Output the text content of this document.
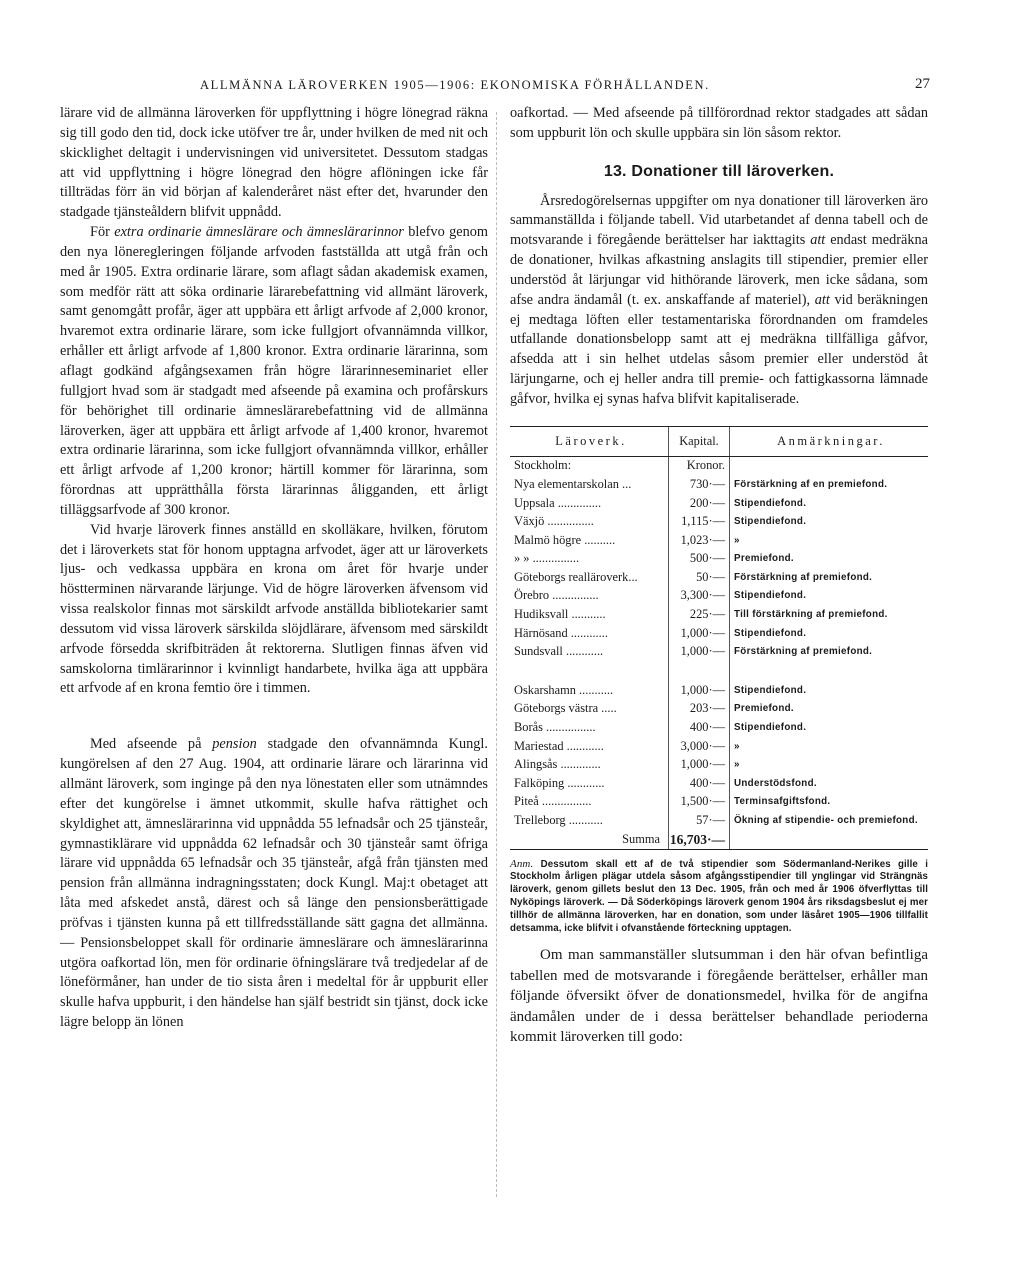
ALLMÄNNA LÄROVERKEN 1905—1906: EKONOMISKA FÖRHÅLLANDEN.	27

lärare vid de allmänna läroverken för uppflyttning i högre lönegrad räkna sig till godo den tid, dock icke utöfver tre år, under hvilken de med nit och skicklighet deltagit i undervisningen vid universitetet. Dessutom stadgas att vid uppflyttning i högre lönegrad den högre aflöningen icke får tillträdas förr än vid början af kalenderåret näst efter det, hvarunder den stadgade tjänsteåldern blifvit uppnådd.

För extra ordinarie ämneslärare och ämneslärarinnor blefvo genom den nya löneregleringen följande arfvoden fastställda att utgå från och med år 1905. Extra ordinarie lärare, som aflagt sådan akademisk examen, som medför rätt att söka ordinarie lärarebefattning vid allmänt läroverk, samt genomgått profår, äger att uppbära ett årligt arfvode af 2,000 kronor, hvaremot extra ordinarie lärare, som icke fullgjort ofvannämnda villkor, erhåller ett årligt arfvode af 1,800 kronor. Extra ordinarie lärarinna, som aflagt godkänd afgångsexamen från högre lärarinneseminariet eller fullgjort hvad som är stadgadt med afseende på examina och profårskurs för behörighet till ordinarie ämneslärarebefattning vid de allmänna läroverken, äger att uppbära ett årligt arfvode af 1,400 kronor, hvaremot extra ordinarie lärarinna, som icke fullgjort ofvannämnda villkor, erhåller ett årligt arfvode af 1,200 kronor; härtill kommer för lärarinna, som förordnas att upprätthålla första lärarinnas åligganden, ett årligt tilläggsarfvode af 300 kronor.

Vid hvarje läroverk finnes anställd en skolläkare, hvilken, förutom det i läroverkets stat för honom upptagna arfvodet, äger att ur läroverkets ljus- och vedkassa uppbära en krona om året för hvarje under höstterminen närvarande lärjunge. Vid de högre läroverken äfvensom vid vissa realskolor finnas mot särskildt arfvode anställda bibliotekarier samt dessutom vid vissa läroverk särskilda slöjdlärare, äfvensom med särskildt arfvode försedda skrifbiträden åt rektorerna. Slutligen finnas äfven vid samskolorna timlärarinnor i kvinnligt handarbete, hvilka äga att uppbära ett arfvode af en krona femtio öre i timmen.

Med afseende på pension stadgade den ofvannämnda Kungl. kungörelsen af den 27 Aug. 1904, att ordinarie lärare och lärarinna vid allmänt läroverk, som inginge på den nya lönestaten eller som utnämndes efter det kungörelse i ämnet utkommit, skulle hafva rättighet och skyldighet att, ämneslärarinna vid uppnådda 55 lefnadsår och 25 tjänsteår, gymnastiklärare vid uppnådda 62 lefnadsår och 30 tjänsteår samt öfriga lärare vid uppnådda 65 lefnadsår och 35 tjänsteår, afgå från tjänsten med pension från allmänna indragningsstaten; dock Kungl. Maj:t obetaget att låta med afskedet anstå, därest och så länge den pensionsberättigade pröfvas i tjänsten kunna på ett tillfredsställande sätt gagna det allmänna. — Pensionsbeloppet skall för ordinarie ämneslärare och ämneslärarinna utgöra oafkortad lön, men för ordinarie öfningslärare två tredjedelar af de löneförmåner, han under de tio sista åren i medeltal för år uppburit eller skulle hafva uppburit, i den händelse han själf bestridt sin tjänst, dock icke lägre belopp än lönen

oafkortad. — Med afseende på tillförordnad rektor stadgades att sådan som uppburit lön och skulle uppbära sin lön såsom rektor.

13. Donationer till läroverken.

Årsredogörelsernas uppgifter om nya donationer till läroverken äro sammanställda i följande tabell. Vid utarbetandet af denna tabell och de motsvarande i föregående berättelser har iakttagits att endast medräkna de donationer, hvilkas afkastning anslagits till stipendier, premier eller understöd åt lärjungar vid hithörande läroverk, men icke sådana, som afse andra ändamål (t. ex. anskaffande af materiel), att vid beräkningen ej medtaga löften eller testamentariska förordnanden om framdeles utfallande donationsbelopp samt att ej medräkna tillfälliga gåfvor, afsedda att i sin helhet utdelas såsom premier eller understöd åt lärjungarne, och ej heller andra till premie- och fattigkassorna lämnade gåfvor, hvilka ej synas hafva blifvit kapitaliserade.

Läroverk.	Kapital.	Anmärkningar.
Stockholm:	Kronor.
Nya elementarskolan ...	730·— Förstärkning af en premiefond.
Uppsala ..............	200·— Stipendiefond.
Växjö ...............	1,115·— Stipendiefond.
Malmö högre ..........	1,023·— »
» » ...............	500·— Premiefond.
Göteborgs realläroverk...	50·— Förstärkning af premiefond.
Örebro ...............	3,300·— Stipendiefond.
Hudiksvall ...........	225·— Till förstärkning af premiefond.
Härnösand ............	1,000·— Stipendiefond.
Sundsvall ............	1,000·— Förstärkning af premiefond.
Oskarshamn ...........	1,000·— Stipendiefond.
Göteborgs västra .....	203·— Premiefond.
Borås ................	400·— Stipendiefond.
Mariestad ............	3,000·— »
Alingsås .............	1,000·— »
Falköping ............	400·— Understödsfond.
Piteå ................	1,500·— Terminsafgiftsfond.
Trelleborg ...........	57·— Ökning af stipendie- och premiefond.
Summa 16,703·—
Anm. Dessutom skall ett af de två stipendier som Södermanland-Nerikes gille i Stockholm årligen plägar utdela såsom afgångsstipendier till ynglingar vid Strängnäs läroverk, genom gillets beslut den 13 Dec. 1905, från och med år 1906 öfverflyttas till Nyköpings läroverk. — Då Söderköpings läroverk genom 1904 års riksdagsbeslut ej mer tillhör de allmänna läroverken, har en donation, som under läsåret 1905—1906 tillfallit detsamma, icke blifvit i ofvanstående förteckning upptagen.

Om man sammanställer slutsumman i den här ofvan befintliga tabellen med de motsvarande i föregående berättelser, erhåller man följande öfversikt öfver de donationsmedel, hvilka för de angifna ändamålen under de i dessa berättelser behandlade perioderna kommit läroverken till godo:
